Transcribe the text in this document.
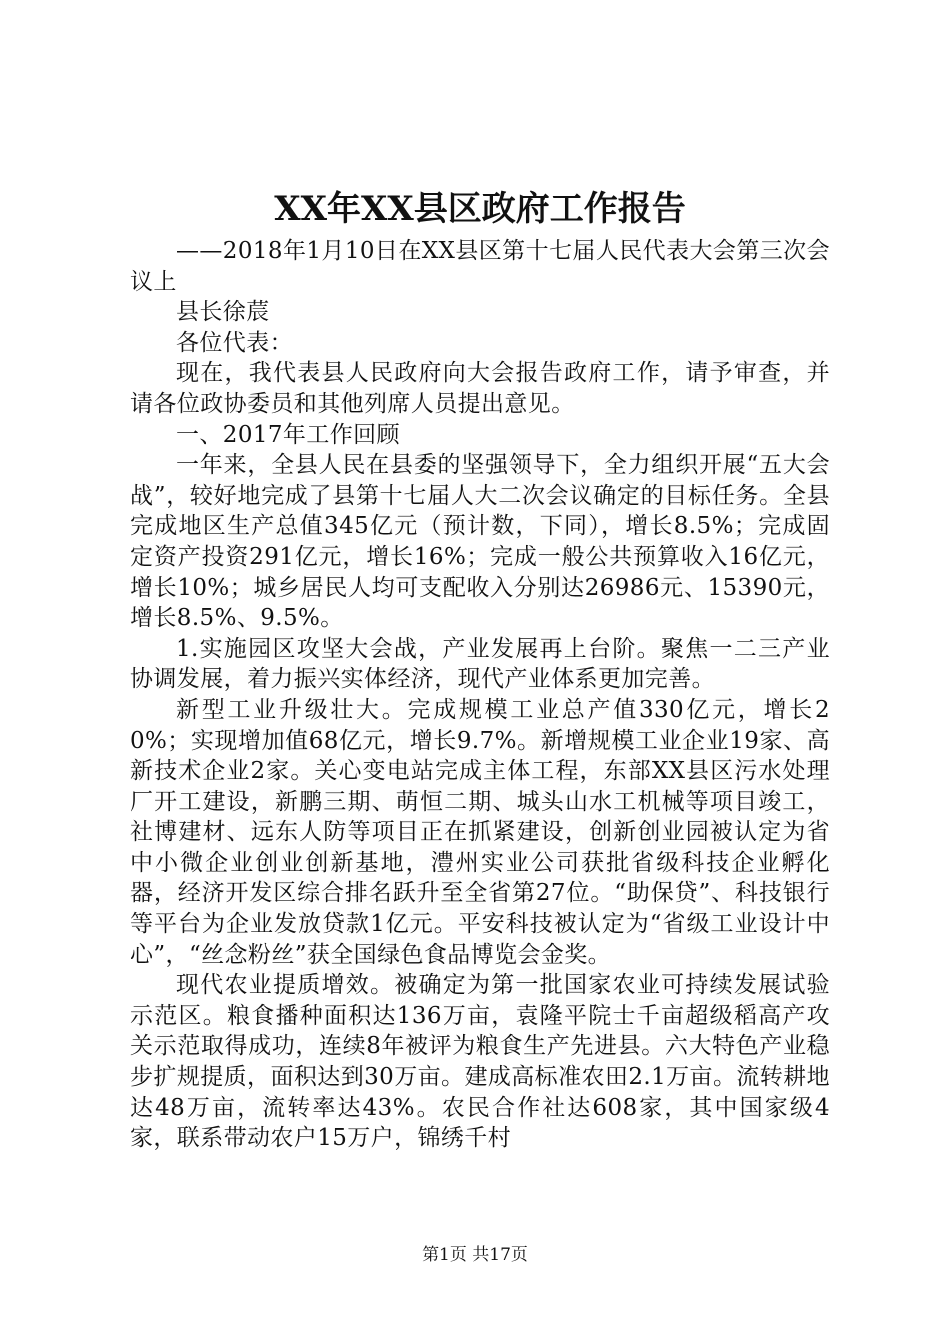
XX年XX县区政府工作报告

——2018年1月10日在XX县区第十七届人民代表大会第三次会议上

县长徐莀

各位代表：

现在，我代表县人民政府向大会报告政府工作，请予审查，并请各位政协委员和其他列席人员提出意见。

一、2017年工作回顾

一年来，全县人民在县委的坚强领导下，全力组织开展“五大会战”，较好地完成了县第十七届人大二次会议确定的目标任务。全县完成地区生产总值345亿元（预计数，下同），增长8.5%；完成固定资产投资291亿元，增长16%；完成一般公共预算收入16亿元，增长10%；城乡居民人均可支配收入分别达26986元、15390元，增长8.5%、9.5%。

1.实施园区攻坚大会战，产业发展再上台阶。聚焦一二三产业协调发展，着力振兴实体经济，现代产业体系更加完善。

新型工业升级壮大。完成规模工业总产值330亿元，增长20%；实现增加值68亿元，增长9.7%。新增规模工业企业19家、高新技术企业2家。关心变电站完成主体工程，东部XX县区污水处理厂开工建设，新鹏三期、萌恒二期、城头山水工机械等项目竣工，社博建材、远东人防等项目正在抓紧建设，创新创业园被认定为省中小微企业创业创新基地，澧州实业公司获批省级科技企业孵化器，经济开发区综合排名跃升至全省第27位。“助保贷”、科技银行等平台为企业发放贷款1亿元。平安科技被认定为“省级工业设计中心”，“丝念粉丝”获全国绿色食品博览会金奖。

现代农业提质增效。被确定为第一批国家农业可持续发展试验示范区。粮食播种面积达136万亩，袁隆平院士千亩超级稻高产攻关示范取得成功，连续8年被评为粮食生产先进县。六大特色产业稳步扩规提质，面积达到30万亩。建成高标准农田2.1万亩。流转耕地达48万亩，流转率达43%。农民合作社达608家，其中国家级4家，联系带动农户15万户，锦绣千村

第1页 共17页
